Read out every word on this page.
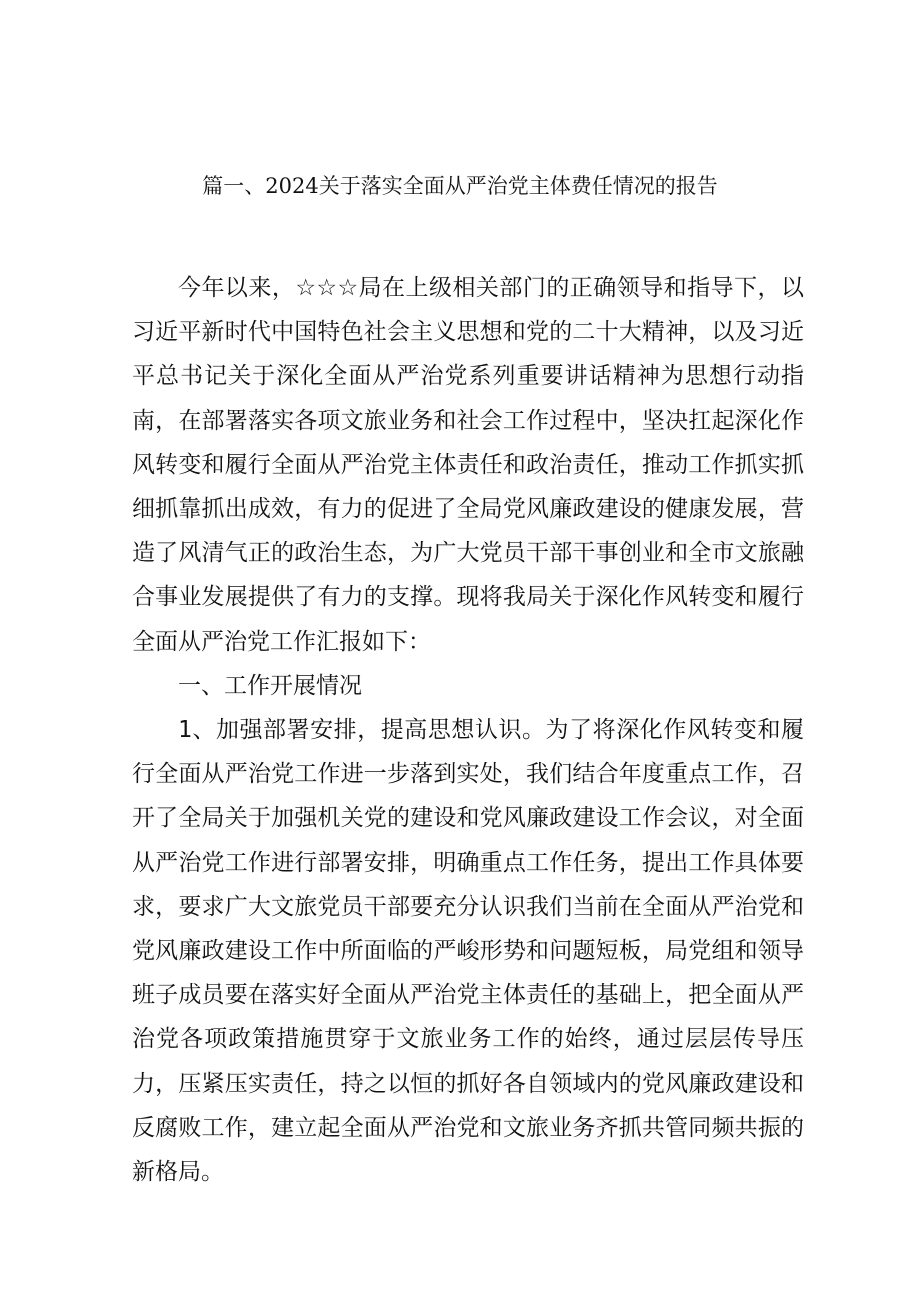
篇一、2024关于落实全面从严治党主体费任情况的报告

今年以来，☆☆☆局在上级相关部门的正确领导和指导下，以习近平新时代中国特色社会主义思想和党的二十大精神，以及习近平总书记关于深化全面从严治党系列重要讲话精神为思想行动指南，在部署落实各项文旅业务和社会工作过程中，坚决扛起深化作风转变和履行全面从严治党主体责任和政治责任，推动工作抓实抓细抓靠抓出成效，有力的促进了全局党风廉政建设的健康发展，营造了风清气正的政治生态，为广大党员干部干事创业和全市文旅融合事业发展提供了有力的支撑。现将我局关于深化作风转变和履行全面从严治党工作汇报如下：

一、工作开展情况

1、加强部署安排，提高思想认识。为了将深化作风转变和履行全面从严治党工作进一步落到实处，我们结合年度重点工作，召开了全局关于加强机关党的建设和党风廉政建设工作会议，对全面从严治党工作进行部署安排，明确重点工作任务，提出工作具体要求，要求广大文旅党员干部要充分认识我们当前在全面从严治党和党风廉政建设工作中所面临的严峻形势和问题短板，局党组和领导班子成员要在落实好全面从严治党主体责任的基础上，把全面从严治党各项政策措施贯穿于文旅业务工作的始终，通过层层传导压力，压紧压实责任，持之以恒的抓好各自领域内的党风廉政建设和反腐败工作，建立起全面从严治党和文旅业务齐抓共管同频共振的新格局。
